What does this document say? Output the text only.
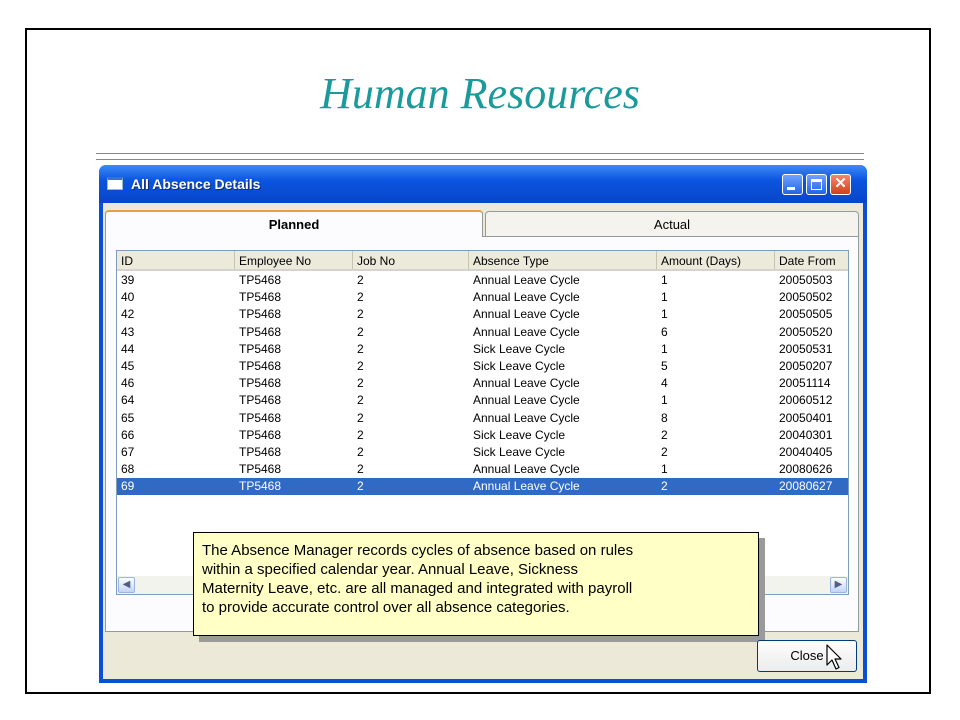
Human Resources
All Absence Details	✕
Planned	Actual
ID	Employee No	Job No	Absence Type	Amount (Days)	Date From
39	TP5468	2	Annual Leave Cycle	1	20050503
40	TP5468	2	Annual Leave Cycle	1	20050502
42	TP5468	2	Annual Leave Cycle	1	20050505
43	TP5468	2	Annual Leave Cycle	6	20050520
44	TP5468	2	Sick Leave Cycle	1	20050531
45	TP5468	2	Sick Leave Cycle	5	20050207
46	TP5468	2	Annual Leave Cycle	4	20051114
64	TP5468	2	Annual Leave Cycle	1	20060512
65	TP5468	2	Annual Leave Cycle	8	20050401
66	TP5468	2	Sick Leave Cycle	2	20040301
67	TP5468	2	Sick Leave Cycle	2	20040405
68	TP5468	2	Annual Leave Cycle	1	20080626
69	TP5468	2	Annual Leave Cycle	2	20080627
◀	▶
The Absence Manager records cycles of absence based on rules
within a specified calendar year. Annual Leave, Sickness
Maternity Leave, etc. are all managed and integrated with payroll
to provide accurate control over all absence categories.
Close
